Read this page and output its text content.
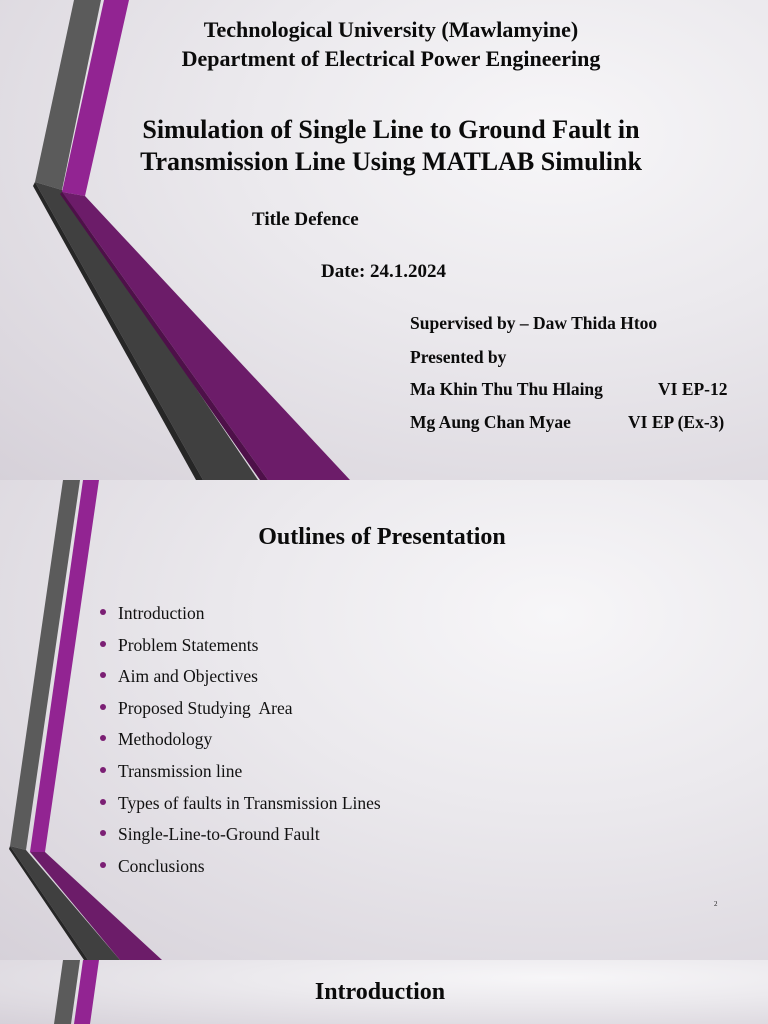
Technological University (Mawlamyine)
Department of Electrical Power Engineering
Simulation of Single Line to Ground Fault in
Transmission Line Using MATLAB Simulink
Title Defence
Date: 24.1.2024
Supervised by – Daw Thida Htoo
Presented by
Ma Khin Thu Thu Hlaing	VI EP-12
Mg Aung Chan Myae	VI EP (Ex-3)
Outlines of Presentation
Introduction
Problem Statements
Aim and Objectives
Proposed Studying  Area
Methodology
Transmission line
Types of faults in Transmission Lines
Single-Line-to-Ground Fault
Conclusions
2
Introduction
